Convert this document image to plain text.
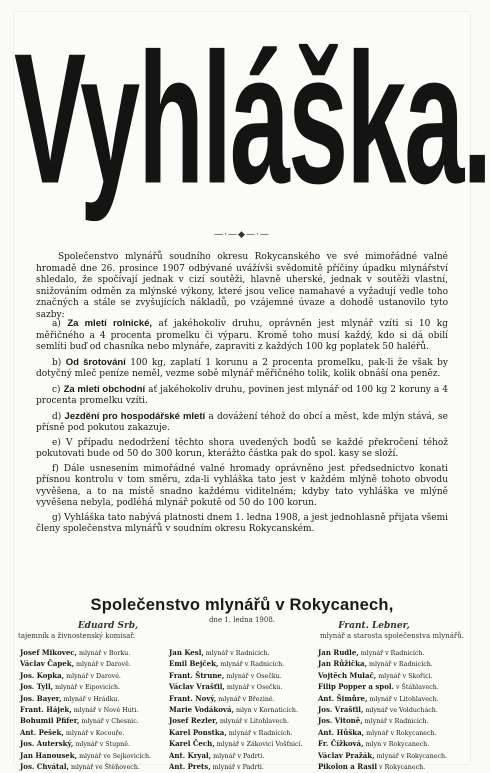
Vyhláška.
—·—◆—·—

Společenstvo mlynářů soudního okresu Rokycanského ve své mimořádné valné hromadě dne 26. prosince 1907 odbývané uvážívši svědomitě příčiny úpadku mlynářství shledalo, že spočívají jednak v cizí soutěži, hlavně uherské, jednak v soutěži vlastní, snižováním odměn za mlýnské výkony, které jsou velice namahavé a vyžadují vedle toho značných a stále se zvyšujících nákladů, po vzájemné úvaze a dohodě ustanovilo tyto sazby:

a) Za mletí rolnické, ať jakéhokoliv druhu, oprávněn jest mlynář vzíti si 10 kg měřičného a 4 procenta promelku či výparu. Kromě toho musí každý, kdo si dá obilí semlíti buď od chasníka nebo mlynáře, zapraviti z každých 100 kg poplatek 50 haléřů.
b) Od šrotování 100 kg, zaplatí 1 korunu a 2 procenta promelku, pak-li že však by dotyčný mleč peníze neměl, vezme sobě mlynář měřičného tolik, kolik obnáší ona peněz.
c) Za mletí obchodní ať jakéhokoliv druhu, povinen jest mlynář od 100 kg 2 koruny a 4 procenta promelku vzíti.
d) Jezdění pro hospodářské mletí a dovážení téhož do obcí a měst, kde mlýn stává, se přísně pod pokutou zakazuje.
e) V případu nedodržení těchto shora uvedených bodů se každé překročení téhož pokutovati bude od 50 do 300 korun, kterážto částka pak do spol. kasy se složí.
f) Dále usnesením mimořádné valné hromady oprávněno jest předsednictvo konati přísnou kontrolu v tom směru, zda-li vyhláška tato jest v každém mlýně tohoto obvodu vyvěšena, a to na místě snadno každému viditelném; kdyby tato vyhláška ve mlýně vyvěšena nebyla, podléhá mlynář pokutě od 50 do 100 korun.
g) Vyhláška tato nabývá platnosti dnem 1. ledna 1908, a jest jednohlasně přijata všemi členy společenstva mlynářů v soudním okresu Rokycanském.
Společenstvo mlynářů v Rokycanech,
dne 1. ledna 1908.
Eduard Srb,
tajemník a živnostenský komisař.
Frant. Lebner,
mlynář a starosta společenstva mlynářů.
Josef Mikovec, mlynář v Borku.
Václav Čapek, mlynář v Darově.
Jos. Kopka, mlynář v Darové.
Jos. Tyll, mlynář v Eipovicích.
Jos. Bayer, mlynář v Hrádku.
Frant. Hájek, mlynář v Nové Huti.
Bohumil Pfifer, mlynář v Chesnic.
Ant. Pešek, mlynář v Kocouře.
Jos. Auterský, mlynář v Stupně.
Jan Hanousek, mlynář ve Sejkovicích.
Jos. Chvátal, mlynář ve Štěňovech.
Jan Kesl, mlynář v Radnicích.
Emil Bejček, mlynář v Radnicích.
Frant. Štrune, mlynář v Osečku.
Václav Vrašťil, mlynář v Osečku.
Frant. Nový, mlynář v Březině.
Marie Vodáková, mlyn v Kornaticích.
Josef Rezler, mlynář v Litohlavech.
Karel Ponstka, mlynář v Radnicích.
Karel Čech, mlynář v Zákovicí Vošťnicí.
Ant. Kryal, mlynář v Padrti.
Ant. Prets, mlynář v Padrti.
Jan Rudle, mlynář v Radnicích.
Jan Růžička, mlynář v Radnicích.
Vojtěch Mulač, mlynář v Skořici.
Filip Popper a spol. v Štáhlavech.
Ant. Šimůre, mlynář v Litohlavech.
Jos. Vrašťil, mlynář ve Volduchách.
Jos. Vitoně, mlynář v Radnicích.
Ant. Hůška, mlynář v Rokycanech.
Fr. Čížková, mlyn v Rokycanech.
Václav Pražák, mlynář v Rokycanech.
Pikolon a Rasil v Rokycanech.
